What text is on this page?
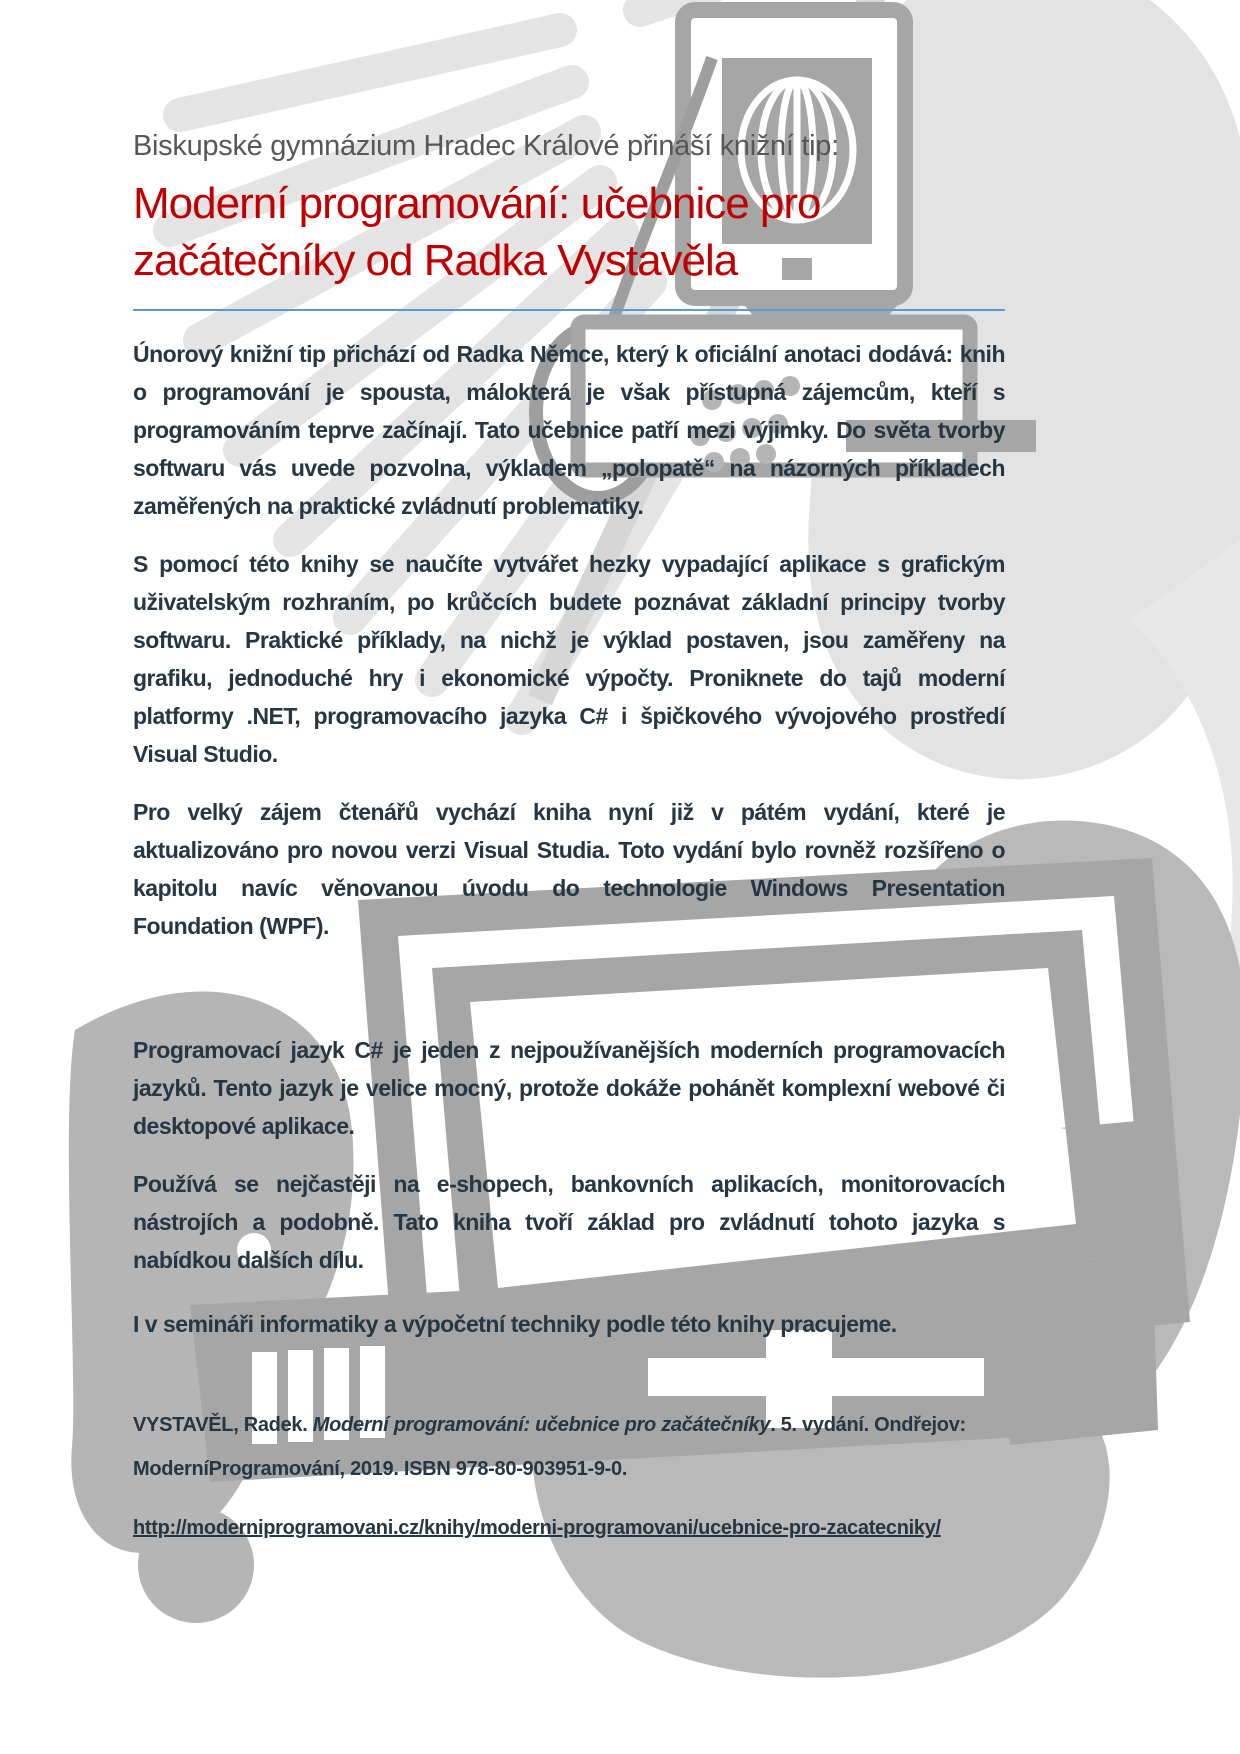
Biskupské gymnázium Hradec Králové přináší knižní tip:
Moderní programování: učebnice pro
začátečníky od Radka Vystavěla

Únorový knižní tip přichází od Radka Němce, který k oficiální anotaci dodává: knih o programování je spousta, málokterá je však přístupná zájemcům, kteří s programováním teprve začínají. Tato učebnice patří mezi výjimky. Do světa tvorby softwaru vás uvede pozvolna, výkladem „polopatě“ na názorných příkladech zaměřených na praktické zvládnutí problematiky.

S pomocí této knihy se naučíte vytvářet hezky vypadající aplikace s grafickým uživatelským rozhraním, po krůčcích budete poznávat základní principy tvorby softwaru. Praktické příklady, na nichž je výklad postaven, jsou zaměřeny na grafiku, jednoduché hry i ekonomické výpočty. Proniknete do tajů moderní platformy .NET, programovacího jazyka C# i špičkového vývojového prostředí Visual Studio.

Pro velký zájem čtenářů vychází kniha nyní již v pátém vydání, které je aktualizováno pro novou verzi Visual Studia. Toto vydání bylo rovněž rozšířeno o kapitolu navíc věnovanou úvodu do technologie Windows Presentation Foundation (WPF).

Programovací jazyk C# je jeden z nejpoužívanějších moderních programovacích jazyků. Tento jazyk je velice mocný, protože dokáže pohánět komplexní webové či desktopové aplikace.

Používá se nejčastěji na e-shopech, bankovních aplikacích, monitorovacích nástrojích a podobně. Tato kniha tvoří základ pro zvládnutí tohoto jazyka s nabídkou dalších dílu.

I v semináři informatiky a výpočetní techniky podle této knihy pracujeme.

VYSTAVĚL, Radek. Moderní programování: učebnice pro začátečníky. 5. vydání. Ondřejov: ModerníProgramování, 2019. ISBN 978-80-903951-9-0.

http://moderniprogramovani.cz/knihy/moderni-programovani/ucebnice-pro-zacatecniky/
